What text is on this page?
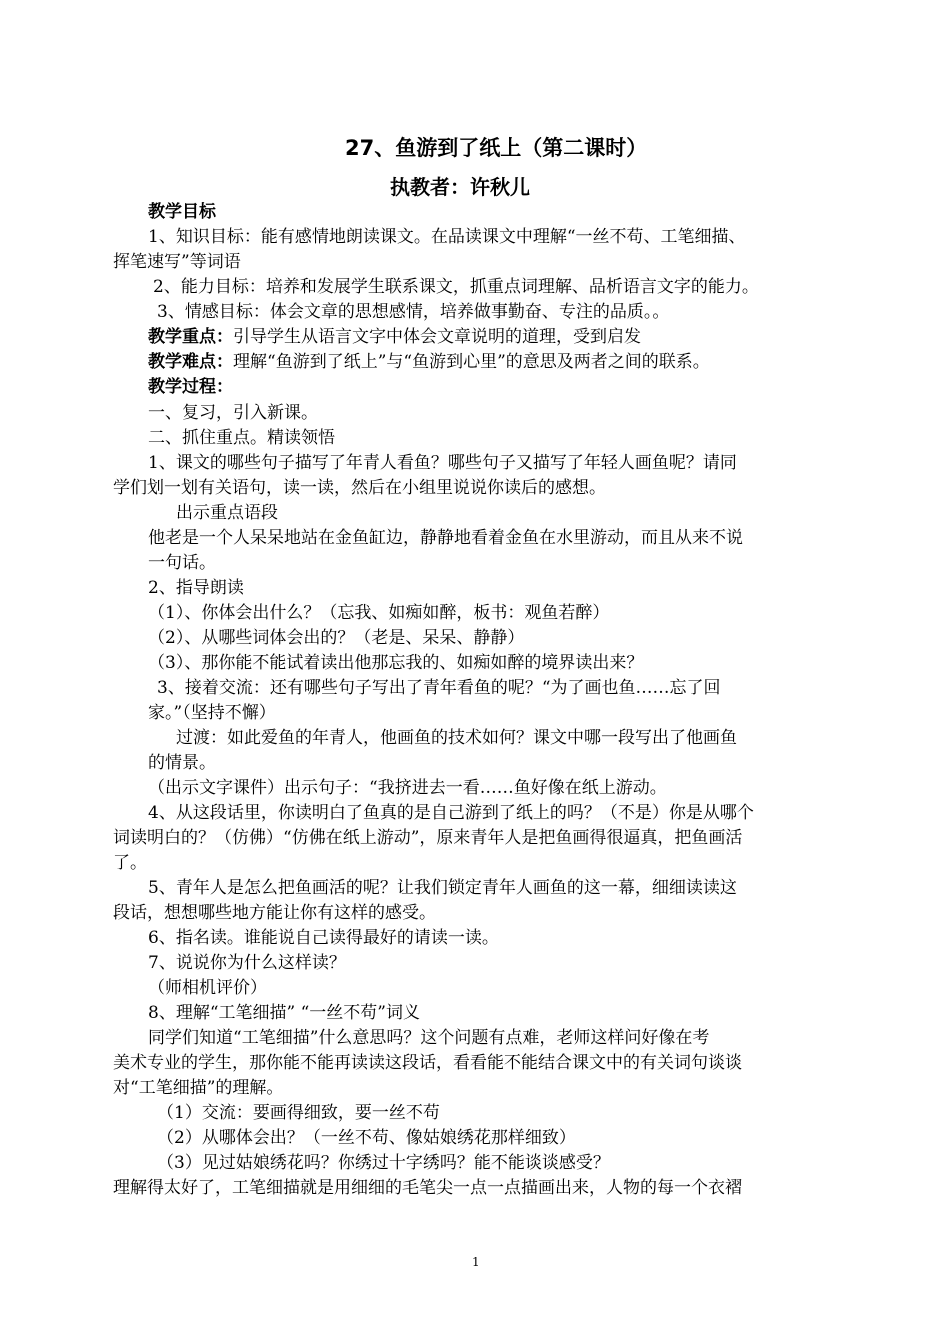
27、鱼游到了纸上（第二课时）
执教者：许秋儿
教学目标
1、知识目标：能有感情地朗读课文。在品读课文中理解“一丝不苟、工笔细描、
挥笔速写”等词语
2、能力目标：培养和发展学生联系课文，抓重点词理解、品析语言文字的能力。
3、情感目标：体会文章的思想感情，培养做事勤奋、专注的品质。。
教学重点：引导学生从语言文字中体会文章说明的道理，受到启发
教学难点：理解“鱼游到了纸上”与“鱼游到心里”的意思及两者之间的联系。
教学过程：
一、复习，引入新课。
二、抓住重点。精读领悟
1、课文的哪些句子描写了年青人看鱼？哪些句子又描写了年轻人画鱼呢？请同
学们划一划有关语句，读一读，然后在小组里说说你读后的感想。
出示重点语段
他老是一个人呆呆地站在金鱼缸边，静静地看着金鱼在水里游动，而且从来不说
一句话。
2、指导朗读
（1）、你体会出什么？（忘我、如痴如醉，板书：观鱼若醉）
（2）、从哪些词体会出的？（老是、呆呆、静静）
（3）、那你能不能试着读出他那忘我的、如痴如醉的境界读出来？
3、接着交流：还有哪些句子写出了青年看鱼的呢？“为了画也鱼……忘了回
家。”（坚持不懈）
过渡：如此爱鱼的年青人，他画鱼的技术如何？课文中哪一段写出了他画鱼
的情景。
（出示文字课件）出示句子：“我挤进去一看……鱼好像在纸上游动。
4、从这段话里，你读明白了鱼真的是自己游到了纸上的吗？（不是）你是从哪个
词读明白的？（仿佛）“仿佛在纸上游动”，原来青年人是把鱼画得很逼真，把鱼画活
了。
5、青年人是怎么把鱼画活的呢？让我们锁定青年人画鱼的这一幕，细细读读这
段话，想想哪些地方能让你有这样的感受。
6、指名读。谁能说自己读得最好的请读一读。
7、说说你为什么这样读？
（师相机评价）
8、理解“工笔细描” “一丝不苟”词义
同学们知道“工笔细描”什么意思吗？这个问题有点难，老师这样问好像在考
美术专业的学生，那你能不能再读读这段话，看看能不能结合课文中的有关词句谈谈
对“工笔细描”的理解。
（1）交流：要画得细致，要一丝不苟
（2）从哪体会出？（一丝不苟、像姑娘绣花那样细致）
（3）见过姑娘绣花吗？你绣过十字绣吗？能不能谈谈感受？
理解得太好了，工笔细描就是用细细的毛笔尖一点一点描画出来，人物的每一个衣褶
1
